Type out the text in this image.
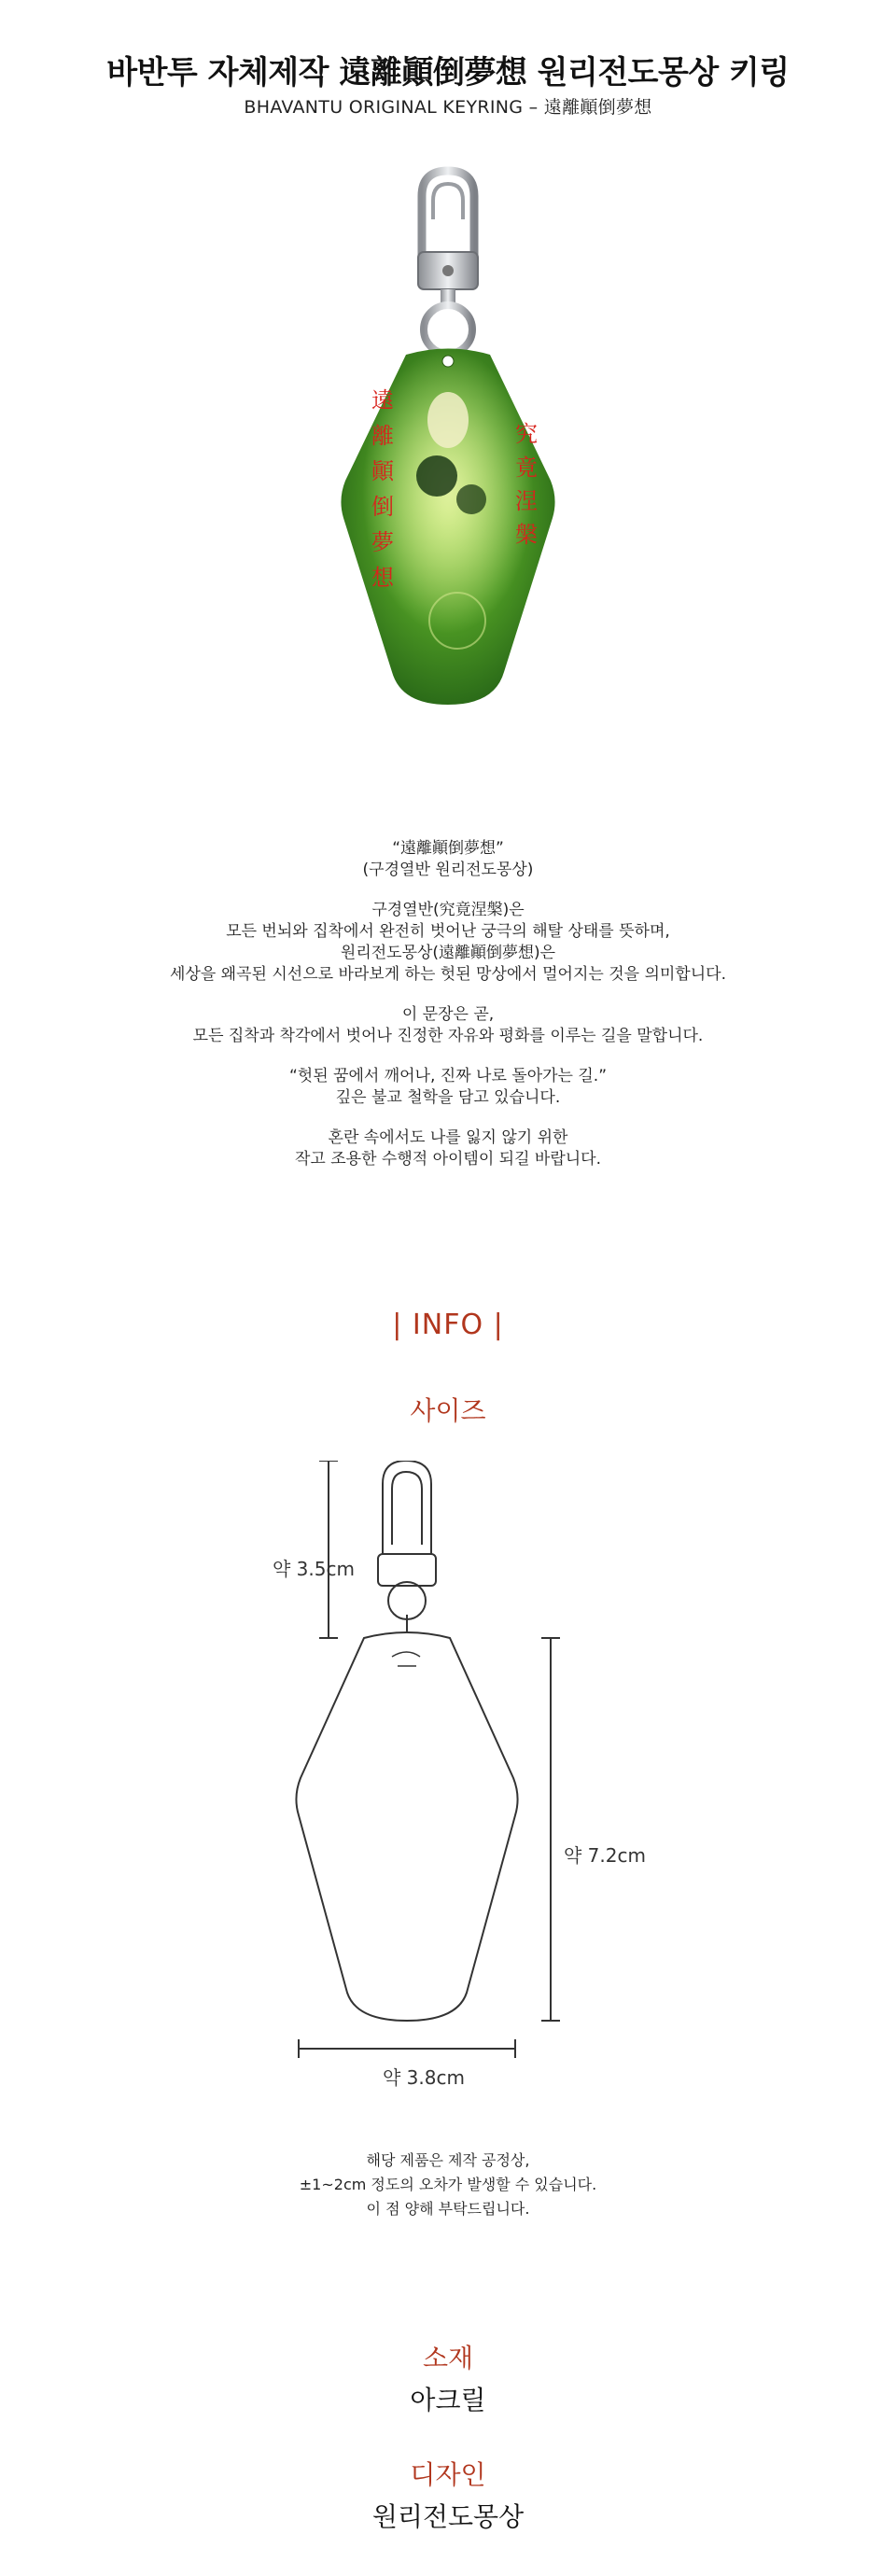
바반투 자체제작 遠離顚倒夢想 원리전도몽상 키링
BHAVANTU ORIGINAL KEYRING – 遠離顚倒夢想
遠離顚倒夢想
究竟涅槃
“遠離顚倒夢想”
(구경열반 원리전도몽상)
구경열반(究竟涅槃)은
모든 번뇌와 집착에서 완전히 벗어난 궁극의 해탈 상태를 뜻하며,
원리전도몽상(遠離顚倒夢想)은
세상을 왜곡된 시선으로 바라보게 하는 헛된 망상에서 멀어지는 것을 의미합니다.
이 문장은 곧,
모든 집착과 착각에서 벗어나 진정한 자유와 평화를 이루는 길을 말합니다.
“헛된 꿈에서 깨어나, 진짜 나로 돌아가는 길.”
깊은 불교 철학을 담고 있습니다.
혼란 속에서도 나를 잃지 않기 위한
작고 조용한 수행적 아이템이 되길 바랍니다.
| INFO |
사이즈
약 3.5cm
약 7.2cm
약 3.8cm
해당 제품은 제작 공정상,
±1~2cm 정도의 오차가 발생할 수 있습니다.
이 점 양해 부탁드립니다.
소재
아크릴
디자인
원리전도몽상
